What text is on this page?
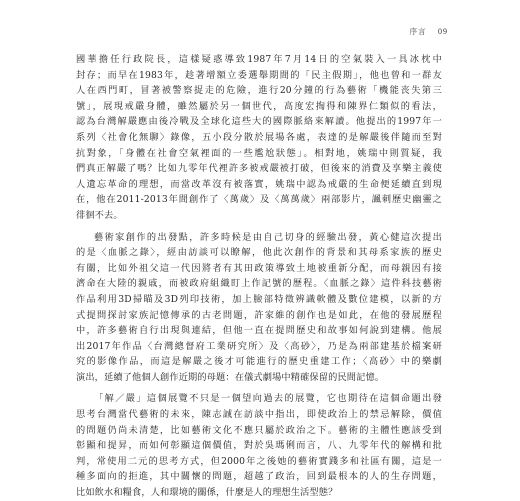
序言 09

國華擔任行政院長，這樣疑惑導致1987年7月14日的空氣裝入一具冰枕中
封存；而早在1983年，趁著增額立委選舉期間的「民主假期」，他也曾和一群友
人在西門町，冒著被警察捉走的危險，進行20分鐘的行為藝術「機能丧失第三
號」，展現戒嚴身體，雖然屬於另一個世代，高度宏掏得和陳界仁類似的看法，
認為台灣解嚴應由後冷戰及全球化這些大的國際脈絡來解讀。他提出的1997年一
系列〈社會化無聊〉錄像，五小段分散於展場各處，表達的是解嚴後伴隨而至對
抗對象，「身體在社會空氣裡面的一些尷尬狀態」。相對地，姚瑞中則質疑，我
們真正解嚴了嗎？比如九零年代裡許多被戒嚴被打破，但後來的消費及享樂主義使
人遺忘革命的理想，而當改革沒有被落實，姚瑞中認為戒嚴的生命便延續直到現
在，他在2011-2013年間創作了〈萬歲〉及〈萬萬歲〉兩部影片，諷刺歷史幽靈之
徘徊不去。

藝術家創作的出發點，許多時候是由自己切身的經驗出發，黃心健這次提出
的是〈血脈之錄〉，經由訪談可以瞭解，他此次創作的背景和其母系家族的歷史
有關，比如外祖父這一代因將者有其田政策導致土地被重新分配，而母親因有接
濟命在大陸的親戚，而被政府組織盯上作記號的歷程。〈血脈之錄〉這件科技藝術
作品利用3D掃瞄及3D列印技術，加上臉部特徵辨識軟體及數位建模，以新的方
式提問探討家族記憶傳承的古老問題，許家維的創作也是如此，在他的發展歷程
中，許多藝術自行出現與連結，但他一直在提問歷史和故事如何說到建構。他展
出2017年作品〈台灣總督府工業研究所〉及〈高砂〉，乃是為兩部建基於檔案研
究的影像作品，而這是解嚴之後才可能進行的歷史重建工作；〈高砂〉中的樂劇
演出，延續了他個人創作近期的母題：在儀式劇場中精確保留的民間記憶。

「解／嚴」這個展覽不只是一個望向過去的展覽，它也期待在這個命題出發
思考台灣當代藝術的未來，陳志誠在訪談中指出，即使政治上的禁忌解除，價值
的問題仍尚未清楚，比如藝術文化不應只屬於政治之下。藝術的主體性應該受到
彰顯和提昇，而如何彰顯這個價值，對於吳瑪俐而言，八、九零年代的解構和批
判，常使用二元的思考方式，但2000年之後她的藝術實踐多和社區有關，這是一
種多面向的拒進，其中關懷的問題，超越了政治，回到最根本的人的生存問題，
比如飲水和糧食，人和環境的關係，什麼是人的理想生活型態？
